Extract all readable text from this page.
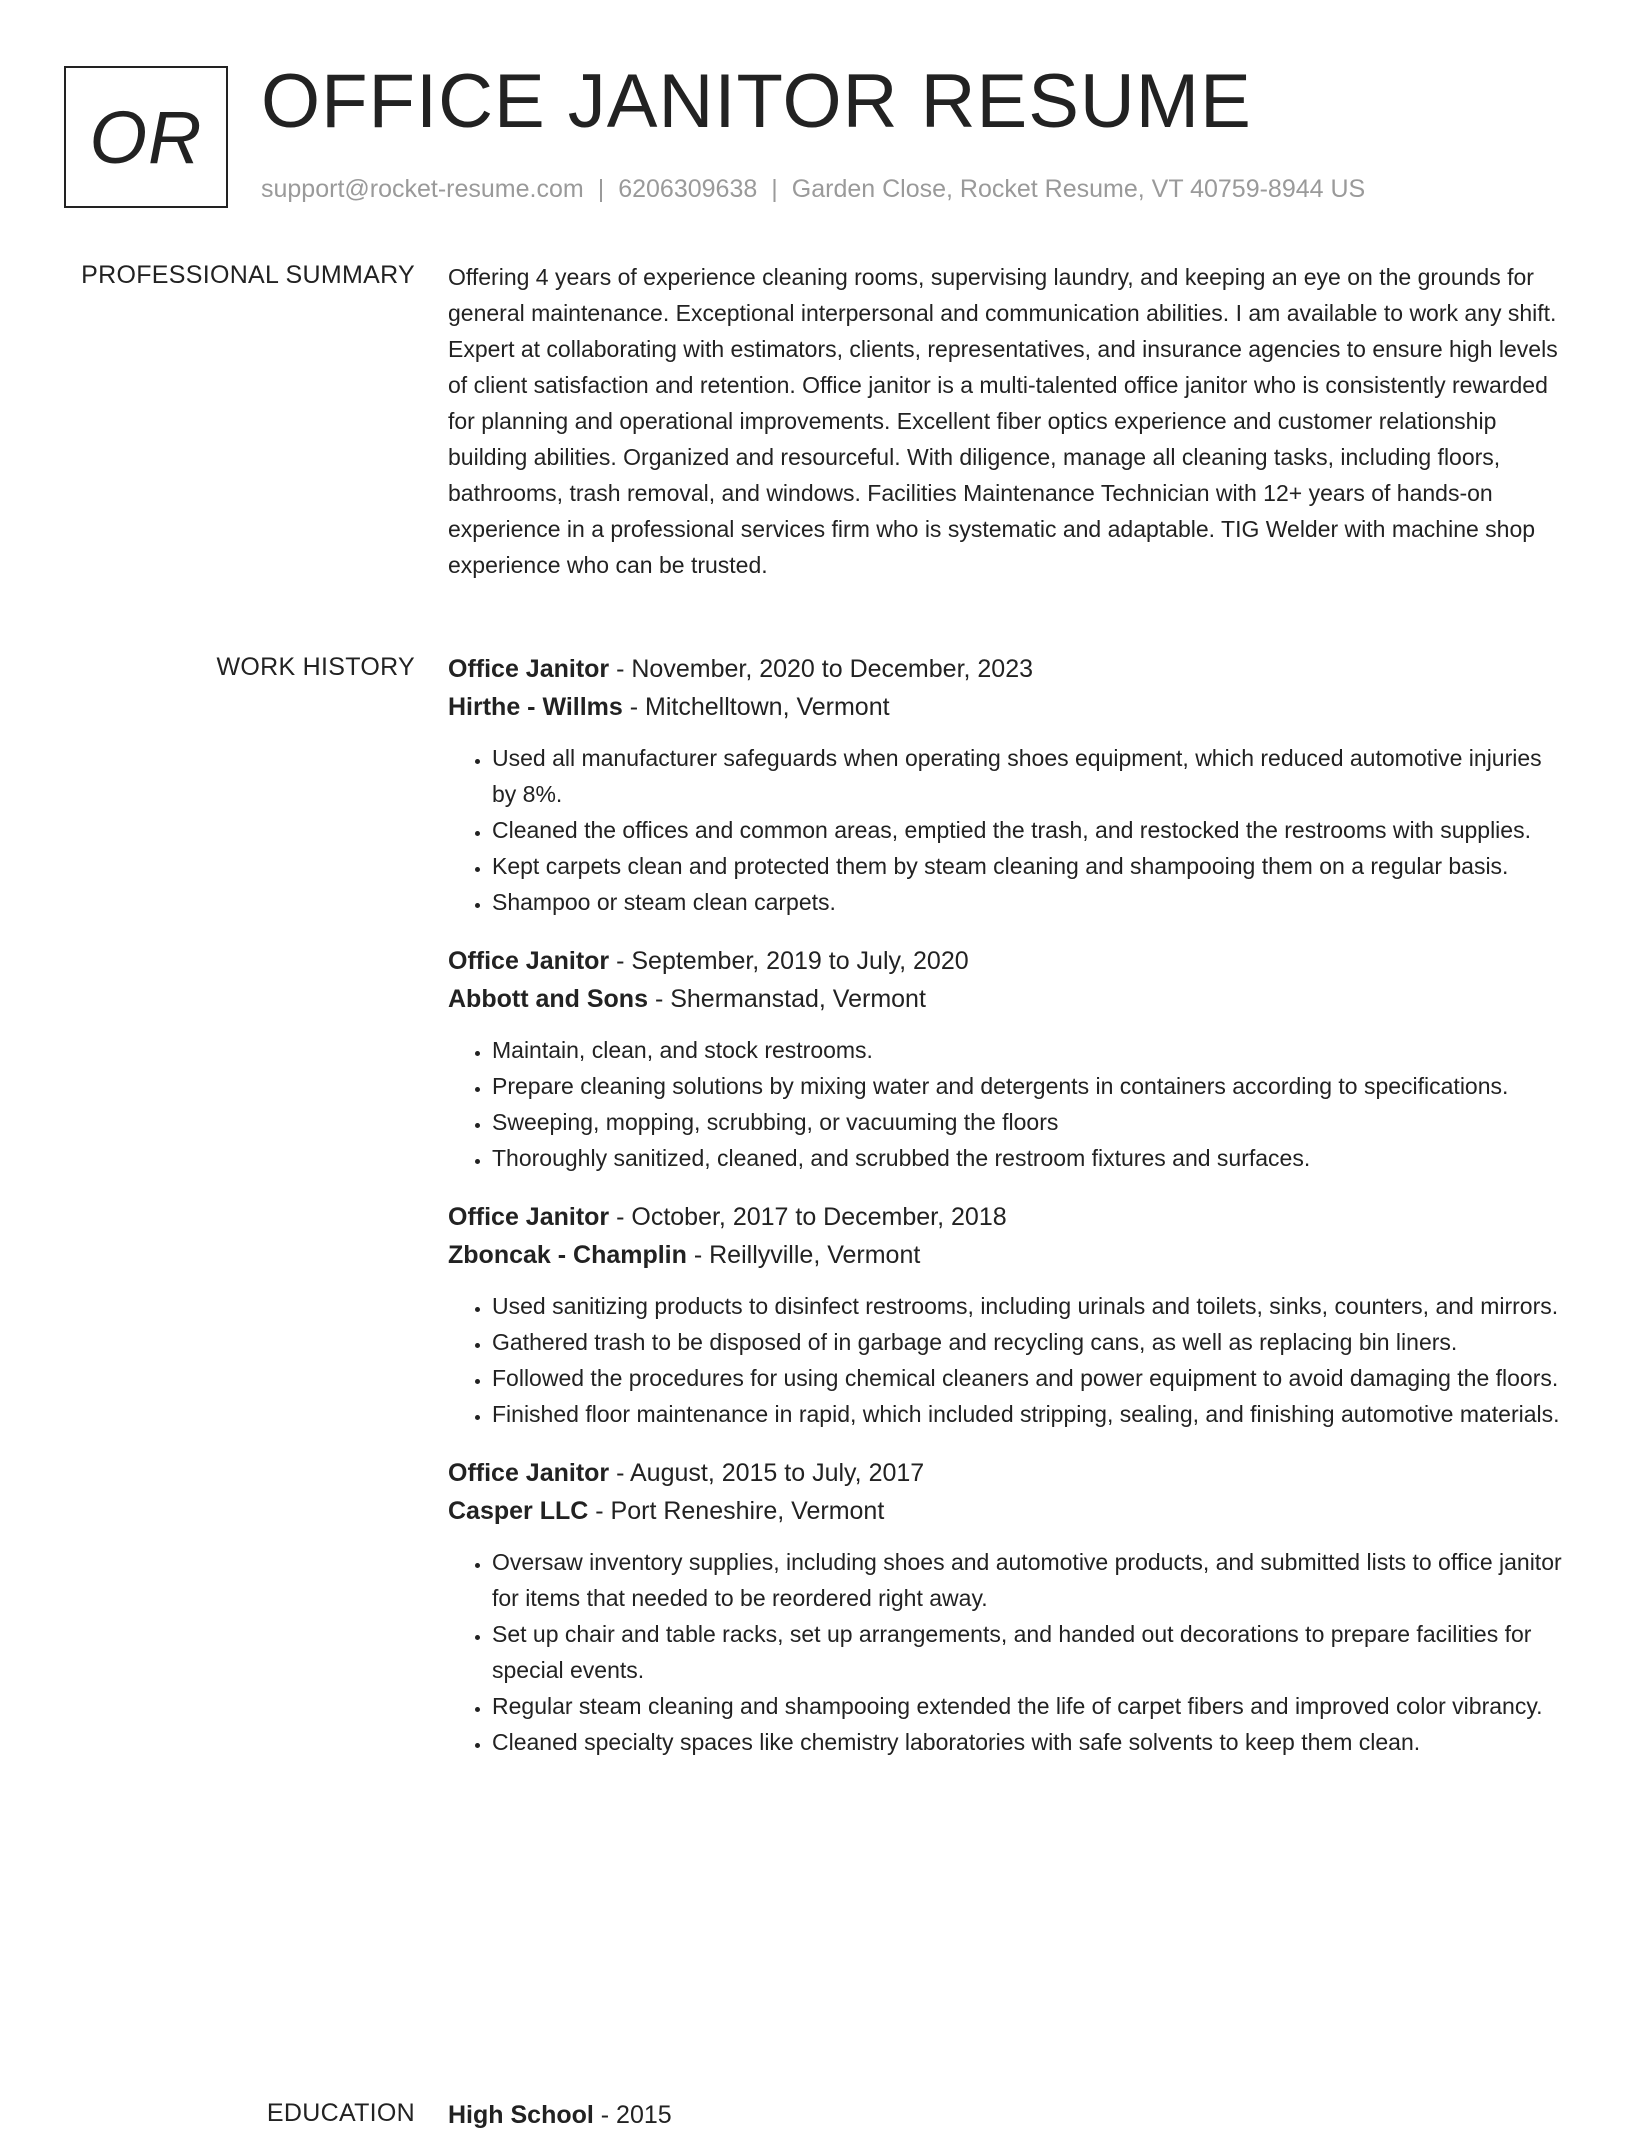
OR OFFICE JANITOR RESUME
support@rocket-resume.com | 6206309638 | Garden Close, Rocket Resume, VT 40759-8944 US
PROFESSIONAL SUMMARY Offering 4 years of experience cleaning rooms, supervising laundry, and keeping an eye on the grounds for general maintenance. Exceptional interpersonal and communication abilities. I am available to work any shift. Expert at collaborating with estimators, clients, representatives, and insurance agencies to ensure high levels of client satisfaction and retention. Office janitor is a multi-talented office janitor who is consistently rewarded for planning and operational improvements. Excellent fiber optics experience and customer relationship building abilities. Organized and resourceful. With diligence, manage all cleaning tasks, including floors, bathrooms, trash removal, and windows. Facilities Maintenance Technician with 12+ years of hands-on experience in a professional services firm who is systematic and adaptable. TIG Welder with machine shop experience who can be trusted.

WORK HISTORY Office Janitor - November, 2020 to December, 2023

Hirthe - Willms - Mitchelltown, Vermont

• Used all manufacturer safeguards when operating shoes equipment, which reduced automotive injuries by 8%.
• Cleaned the offices and common areas, emptied the trash, and restocked the restrooms with supplies.
• Kept carpets clean and protected them by steam cleaning and shampooing them on a regular basis.
• Shampoo or steam clean carpets.

Office Janitor - September, 2019 to July, 2020

Abbott and Sons - Shermanstad, Vermont

• Maintain, clean, and stock restrooms.
• Prepare cleaning solutions by mixing water and detergents in containers according to specifications.
• Sweeping, mopping, scrubbing, or vacuuming the floors
• Thoroughly sanitized, cleaned, and scrubbed the restroom fixtures and surfaces.

Office Janitor - October, 2017 to December, 2018

Zboncak - Champlin - Reillyville, Vermont

• Used sanitizing products to disinfect restrooms, including urinals and toilets, sinks, counters, and mirrors.
• Gathered trash to be disposed of in garbage and recycling cans, as well as replacing bin liners.
• Followed the procedures for using chemical cleaners and power equipment to avoid damaging the floors.
• Finished floor maintenance in rapid, which included stripping, sealing, and finishing automotive materials.

Office Janitor - August, 2015 to July, 2017

Casper LLC - Port Reneshire, Vermont

• Oversaw inventory supplies, including shoes and automotive products, and submitted lists to office janitor for items that needed to be reordered right away.
• Set up chair and table racks, set up arrangements, and handed out decorations to prepare facilities for special events.
• Regular steam cleaning and shampooing extended the life of carpet fibers and improved color vibrancy.
• Cleaned specialty spaces like chemistry laboratories with safe solvents to keep them clean.
EDUCATION High School - 2015
